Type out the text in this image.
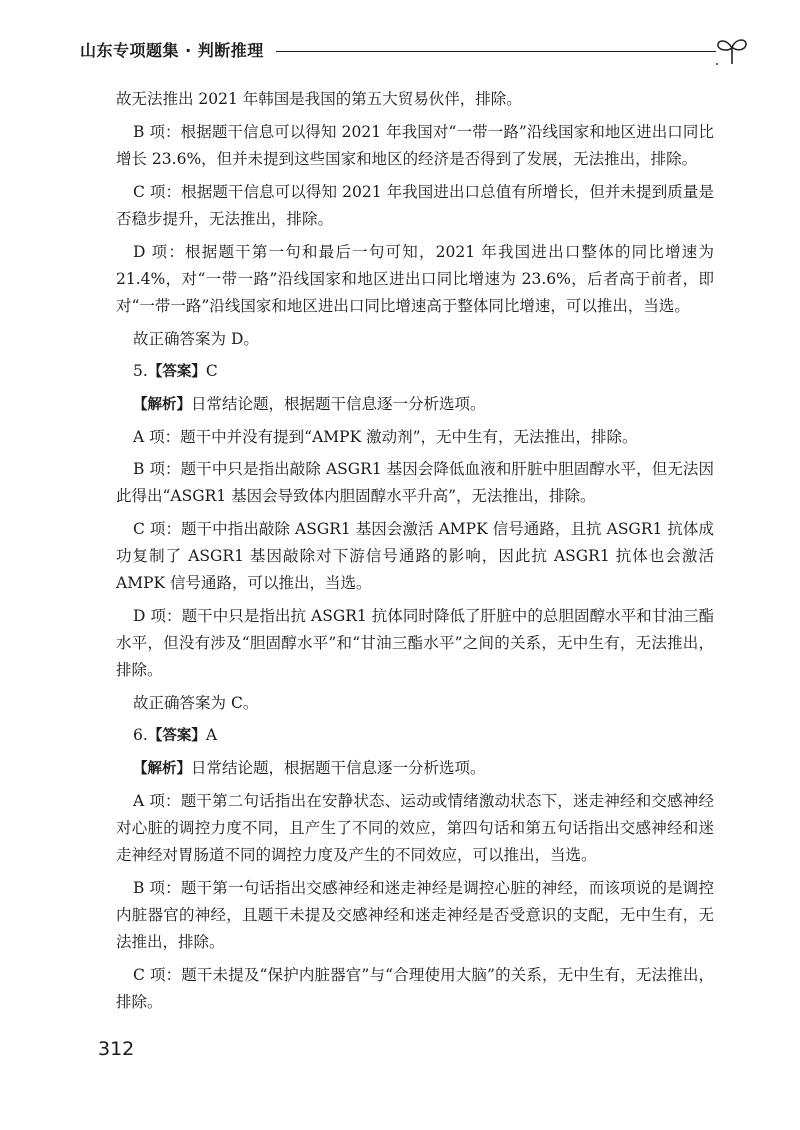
山东专项题集 · 判断推理

故无法推出 2021 年韩国是我国的第五大贸易伙伴，排除。

B 项：根据题干信息可以得知 2021 年我国对“一带一路”沿线国家和地区进出口同比增长 23.6%，但并未提到这些国家和地区的经济是否得到了发展，无法推出，排除。

C 项：根据题干信息可以得知 2021 年我国进出口总值有所增长，但并未提到质量是否稳步提升，无法推出，排除。

D 项：根据题干第一句和最后一句可知，2021 年我国进出口整体的同比增速为 21.4%，对“一带一路”沿线国家和地区进出口同比增速为 23.6%，后者高于前者，即对“一带一路”沿线国家和地区进出口同比增速高于整体同比增速，可以推出，当选。

故正确答案为 D。

5.【答案】C

【解析】日常结论题，根据题干信息逐一分析选项。

A 项：题干中并没有提到“AMPK 激动剂”，无中生有，无法推出，排除。

B 项：题干中只是指出敲除 ASGR1 基因会降低血液和肝脏中胆固醇水平，但无法因此得出“ASGR1 基因会导致体内胆固醇水平升高”，无法推出，排除。

C 项：题干中指出敲除 ASGR1 基因会激活 AMPK 信号通路，且抗 ASGR1 抗体成功复制了 ASGR1 基因敲除对下游信号通路的影响，因此抗 ASGR1 抗体也会激活 AMPK 信号通路，可以推出，当选。

D 项：题干中只是指出抗 ASGR1 抗体同时降低了肝脏中的总胆固醇水平和甘油三酯水平，但没有涉及“胆固醇水平”和“甘油三酯水平”之间的关系，无中生有，无法推出，排除。

故正确答案为 C。

6.【答案】A

【解析】日常结论题，根据题干信息逐一分析选项。

A 项：题干第二句话指出在安静状态、运动或情绪激动状态下，迷走神经和交感神经对心脏的调控力度不同，且产生了不同的效应，第四句话和第五句话指出交感神经和迷走神经对胃肠道不同的调控力度及产生的不同效应，可以推出，当选。

B 项：题干第一句话指出交感神经和迷走神经是调控心脏的神经，而该项说的是调控内脏器官的神经，且题干未提及交感神经和迷走神经是否受意识的支配，无中生有，无法推出，排除。

C 项：题干未提及“保护内脏器官”与“合理使用大脑”的关系，无中生有，无法推出，排除。

312
